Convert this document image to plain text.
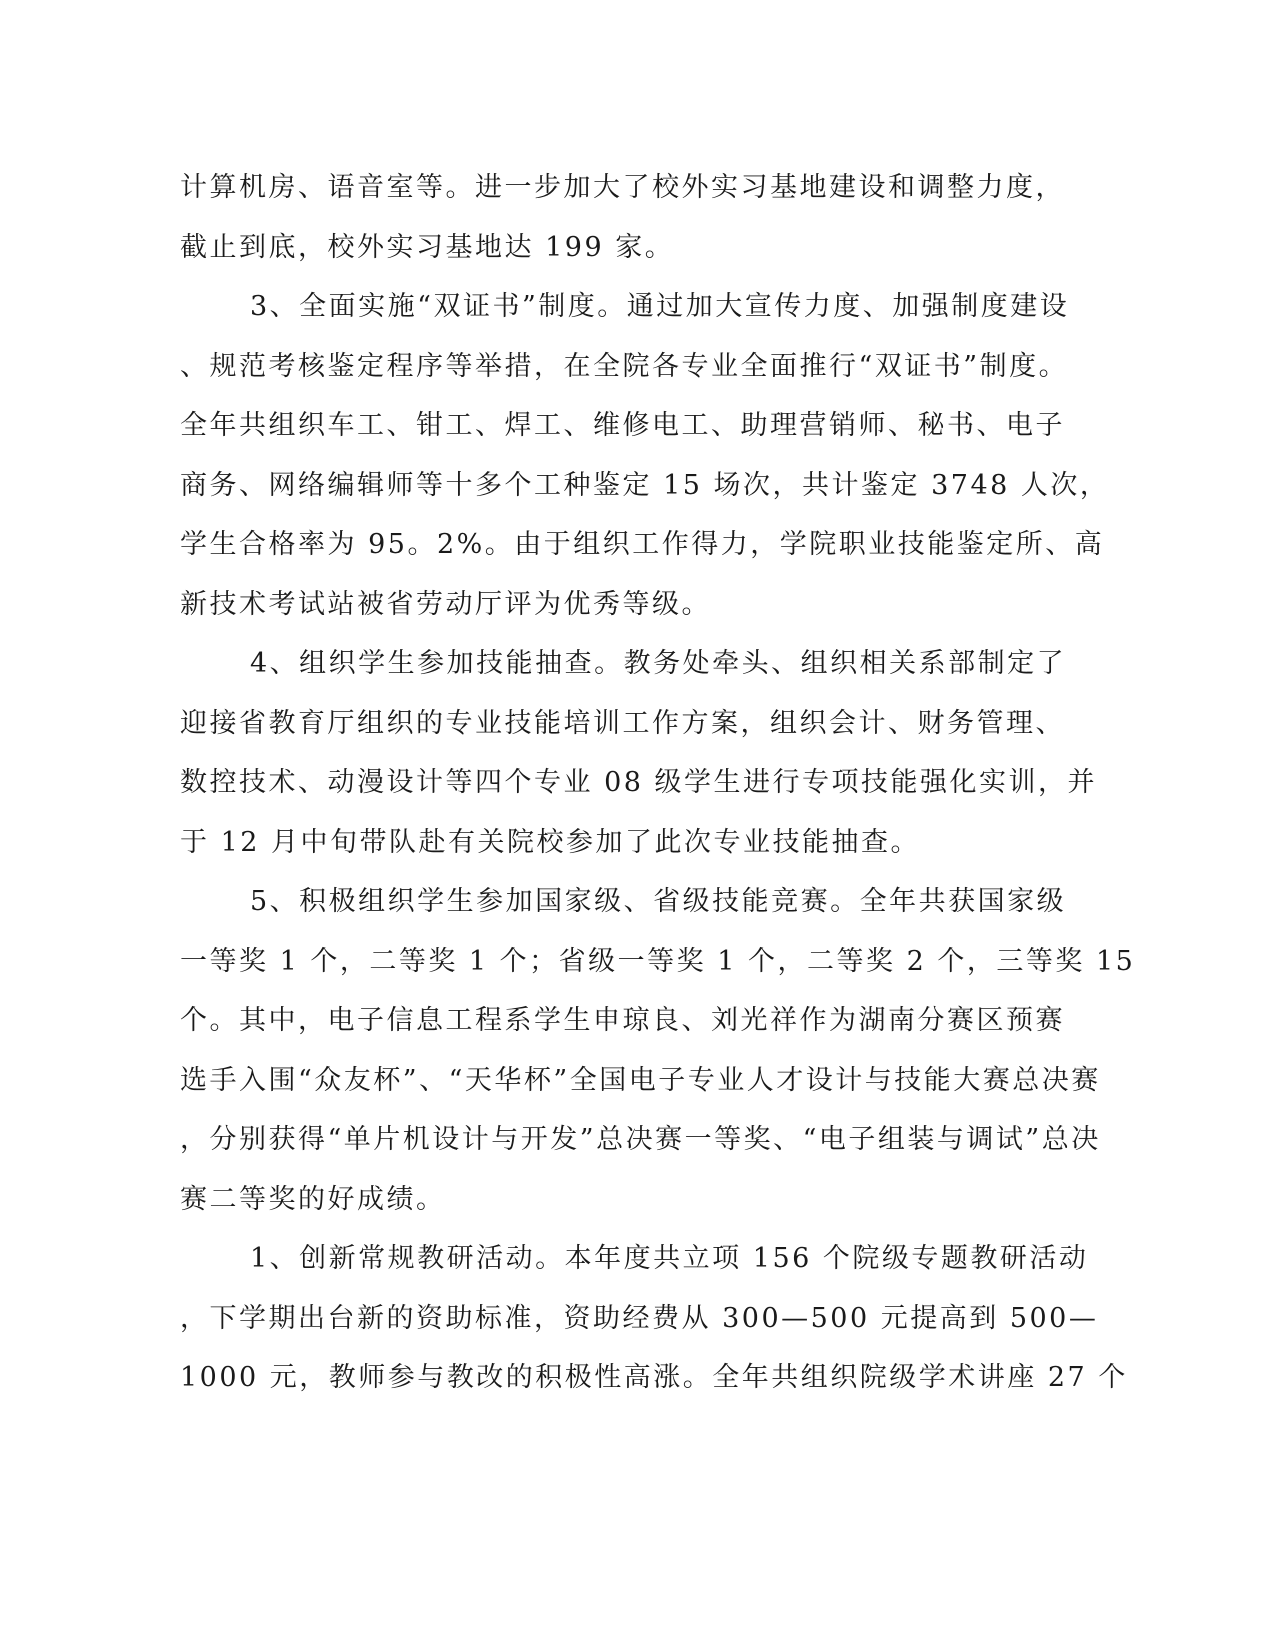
计算机房、语音室等。进一步加大了校外实习基地建设和调整力度，
截止到底，校外实习基地达 199 家。
3、全面实施“双证书”制度。通过加大宣传力度、加强制度建设
、规范考核鉴定程序等举措，在全院各专业全面推行“双证书”制度。
全年共组织车工、钳工、焊工、维修电工、助理营销师、秘书、电子
商务、网络编辑师等十多个工种鉴定 15 场次，共计鉴定 3748 人次，
学生合格率为 95。2%。由于组织工作得力，学院职业技能鉴定所、高
新技术考试站被省劳动厅评为优秀等级。
4、组织学生参加技能抽查。教务处牵头、组织相关系部制定了
迎接省教育厅组织的专业技能培训工作方案，组织会计、财务管理、
数控技术、动漫设计等四个专业 08 级学生进行专项技能强化实训，并
于 12 月中旬带队赴有关院校参加了此次专业技能抽查。
5、积极组织学生参加国家级、省级技能竞赛。全年共获国家级
一等奖 1 个，二等奖 1 个；省级一等奖 1 个，二等奖 2 个，三等奖 15
个。其中，电子信息工程系学生申琼良、刘光祥作为湖南分赛区预赛
选手入围“众友杯”、“天华杯”全国电子专业人才设计与技能大赛总决赛
，分别获得“单片机设计与开发”总决赛一等奖、“电子组装与调试”总决
赛二等奖的好成绩。
1、创新常规教研活动。本年度共立项 156 个院级专题教研活动
，下学期出台新的资助标准，资助经费从 300—500 元提高到 500—
1000 元，教师参与教改的积极性高涨。全年共组织院级学术讲座 27 个
